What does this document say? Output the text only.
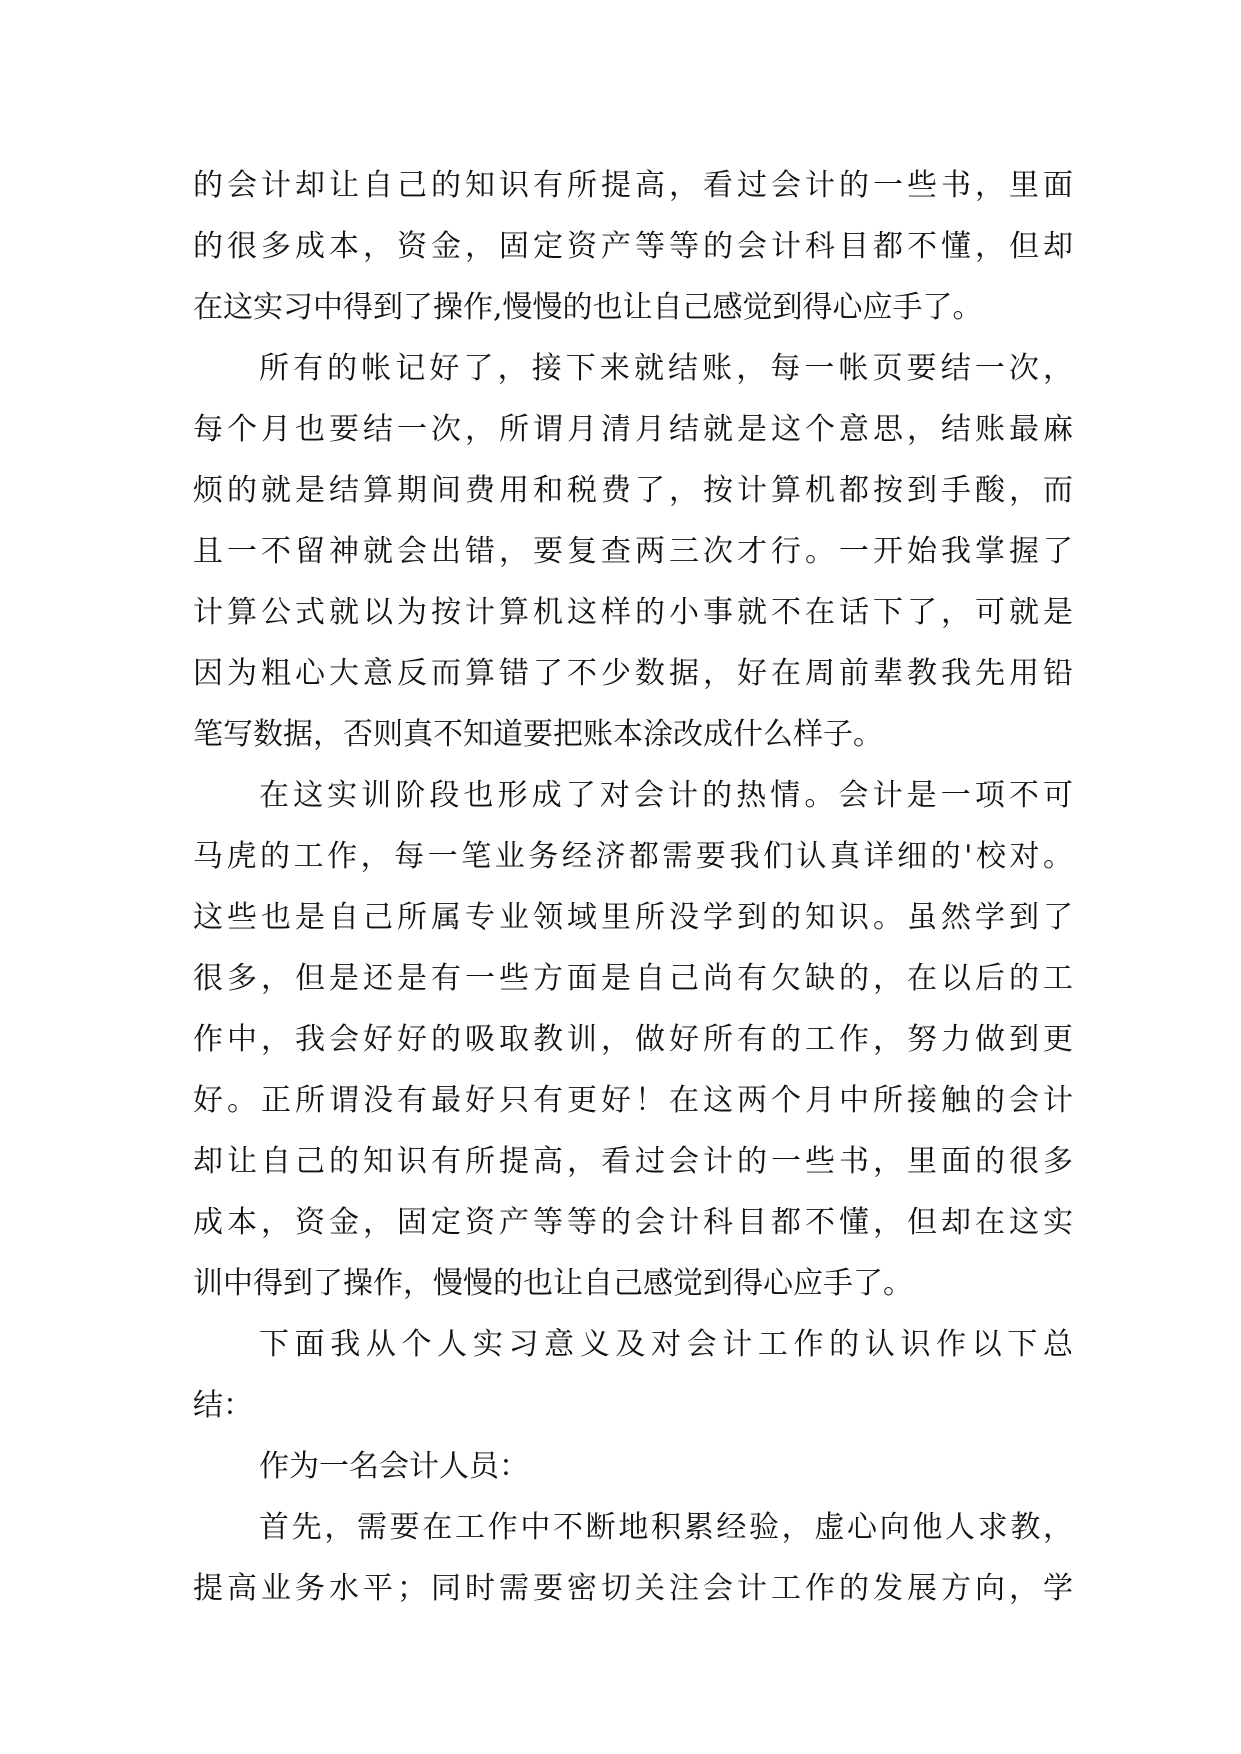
的会计却让自己的知识有所提高，看过会计的一些书，里面
的很多成本，资金，固定资产等等的会计科目都不懂，但却
在这实习中得到了操作,慢慢的也让自己感觉到得心应手了。
所有的帐记好了，接下来就结账，每一帐页要结一次，
每个月也要结一次，所谓月清月结就是这个意思，结账最麻
烦的就是结算期间费用和税费了，按计算机都按到手酸，而
且一不留神就会出错，要复查两三次才行。一开始我掌握了
计算公式就以为按计算机这样的小事就不在话下了，可就是
因为粗心大意反而算错了不少数据，好在周前辈教我先用铅
笔写数据，否则真不知道要把账本涂改成什么样子。
在这实训阶段也形成了对会计的热情。会计是一项不可
马虎的工作，每一笔业务经济都需要我们认真详细的'校对。
这些也是自己所属专业领域里所没学到的知识。虽然学到了
很多，但是还是有一些方面是自己尚有欠缺的，在以后的工
作中，我会好好的吸取教训，做好所有的工作，努力做到更
好。正所谓没有最好只有更好！在这两个月中所接触的会计
却让自己的知识有所提高，看过会计的一些书，里面的很多
成本，资金，固定资产等等的会计科目都不懂，但却在这实
训中得到了操作，慢慢的也让自己感觉到得心应手了。
下面我从个人实习意义及对会计工作的认识作以下总
结：
作为一名会计人员：
首先，需要在工作中不断地积累经验，虚心向他人求教，
提高业务水平；同时需要密切关注会计工作的发展方向，学
